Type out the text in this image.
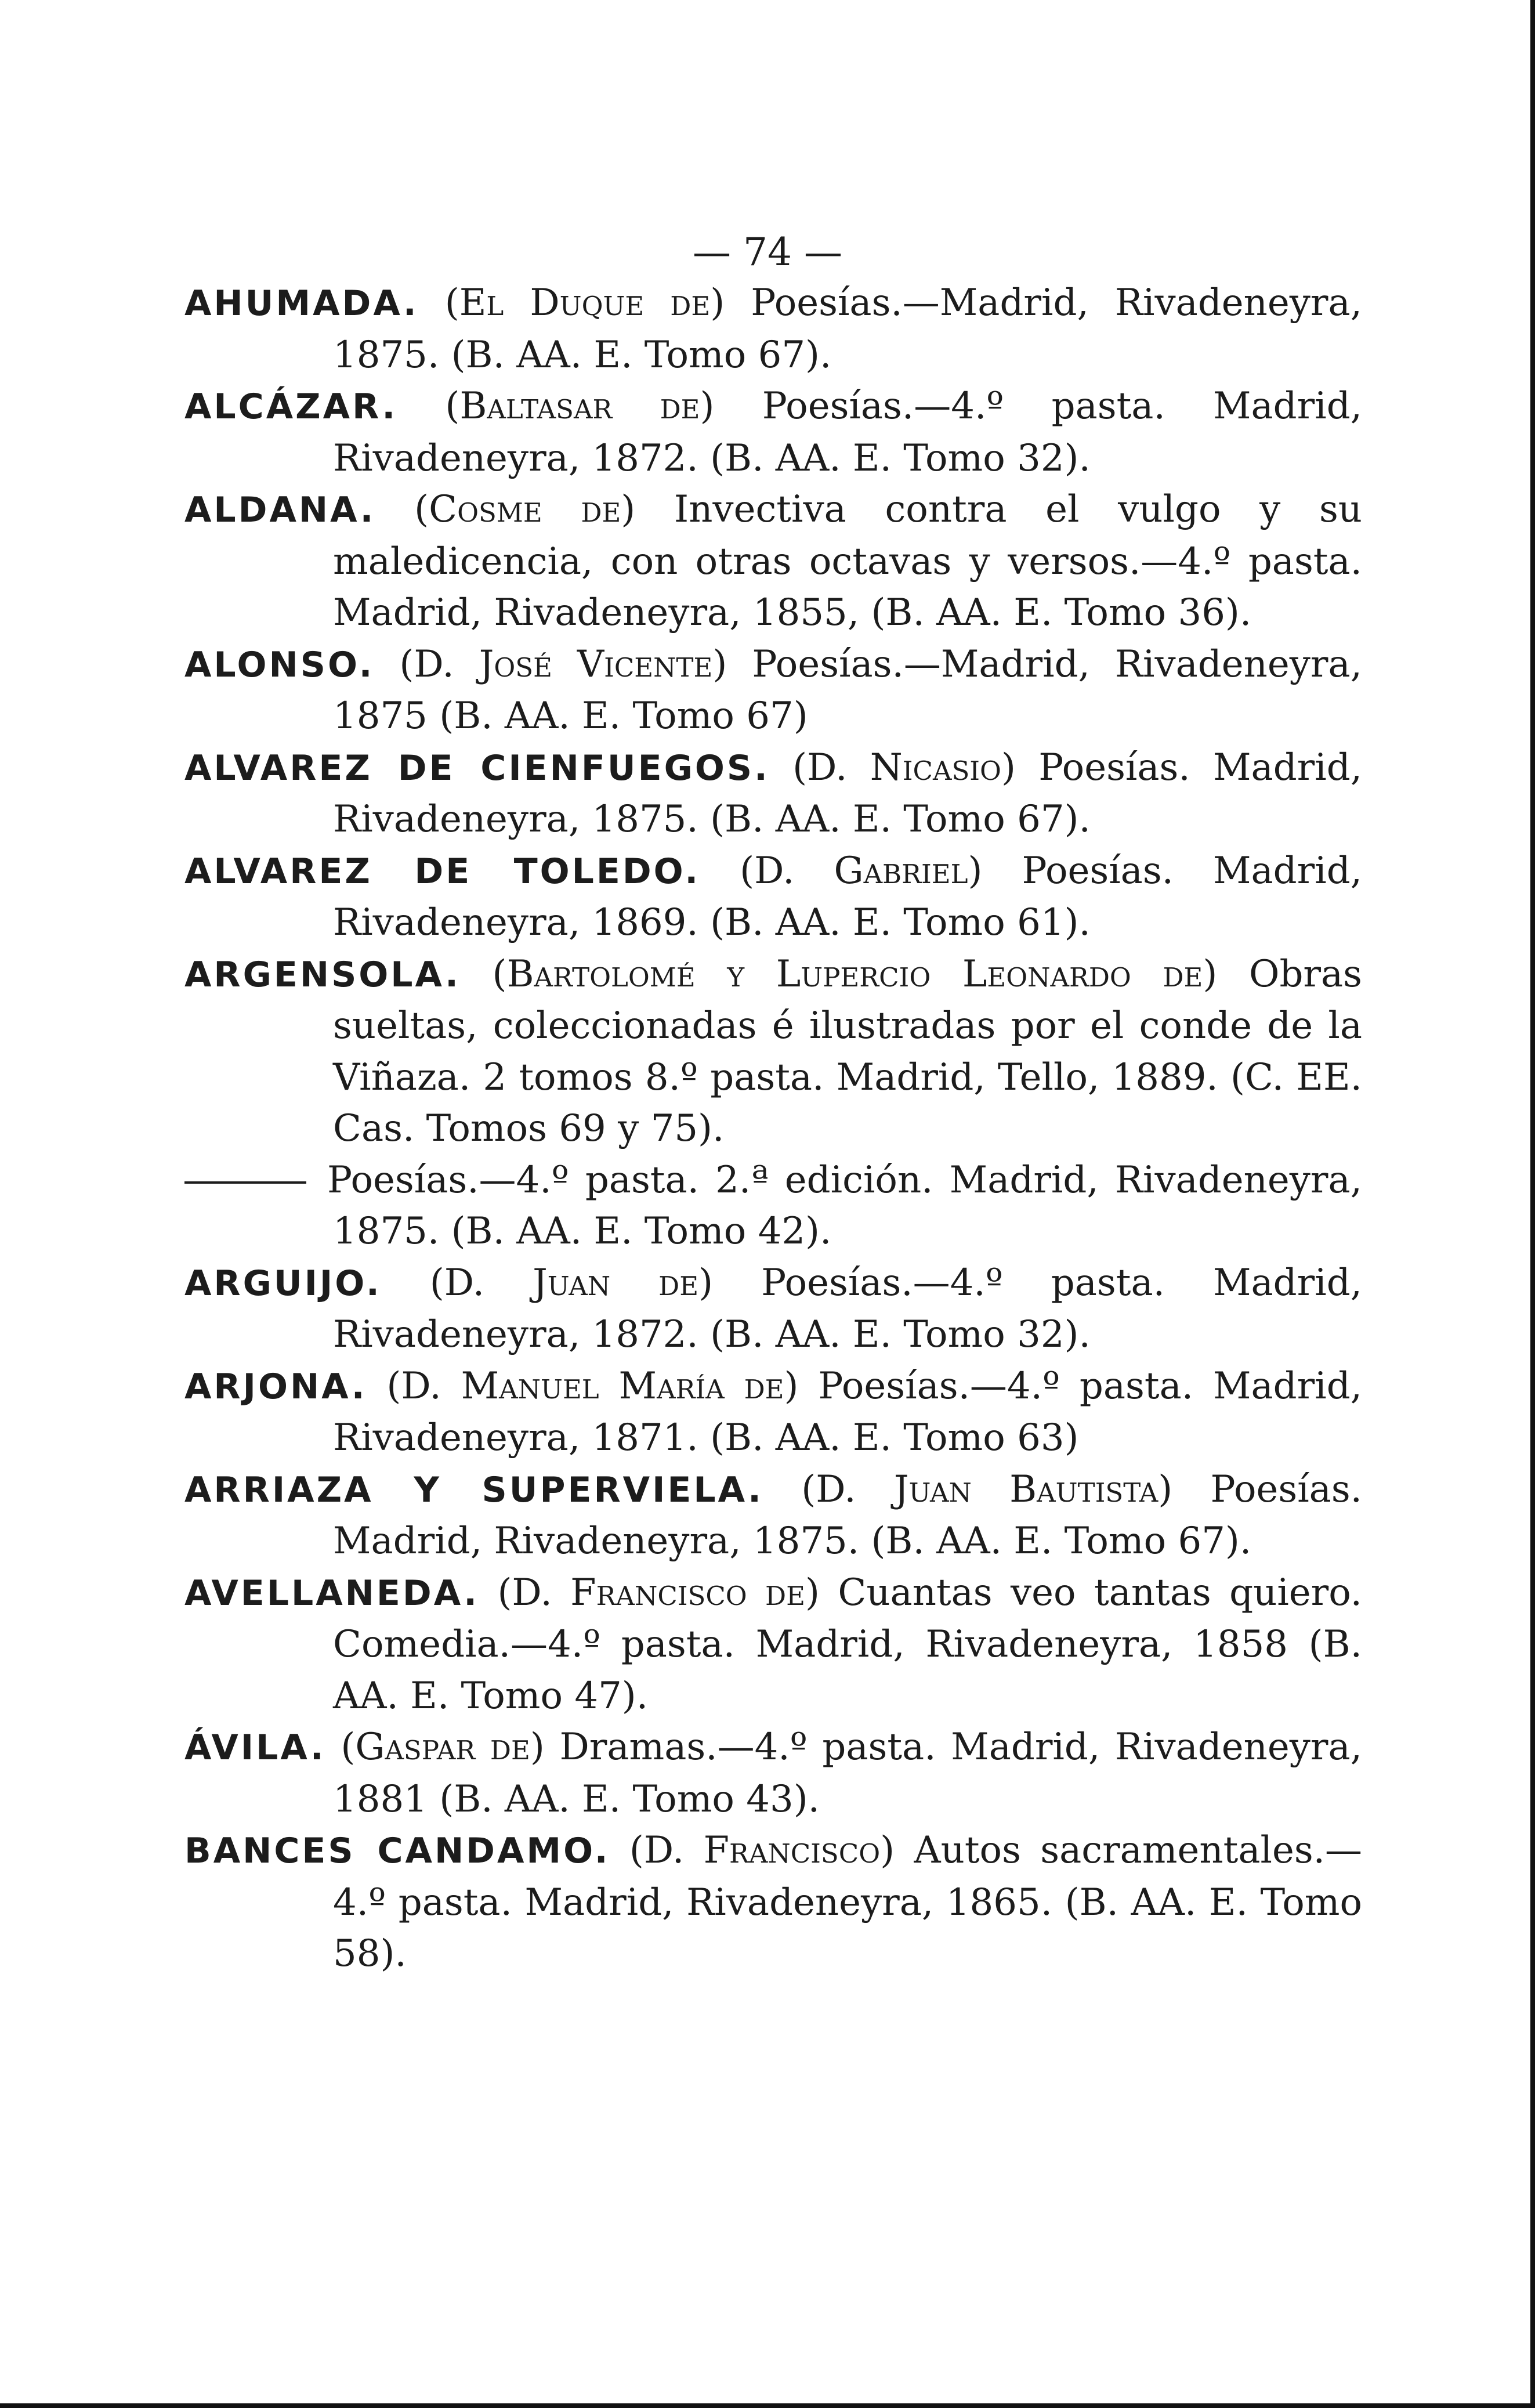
— 74 —

AHUMADA. (El Duque de) Poesías.—Madrid, Rivadeneyra, 1875. (B. AA. E. Tomo 67).

ALCÁZAR. (Baltasar de) Poesías.—4.º pasta. Madrid, Rivadeneyra, 1872. (B. AA. E. Tomo 32).

ALDANA. (Cosme de) Invectiva contra el vulgo y su maledicencia, con otras octavas y versos.—4.º pasta. Madrid, Rivadeneyra, 1855, (B. AA. E. Tomo 36).

ALONSO. (D. José Vicente) Poesías.—Madrid, Rivadeneyra, 1875 (B. AA. E. Tomo 67)

ALVAREZ DE CIENFUEGOS. (D. Nicasio) Poesías. Madrid, Rivadeneyra, 1875. (B. AA. E. Tomo 67).

ALVAREZ DE TOLEDO. (D. Gabriel) Poesías. Madrid, Rivadeneyra, 1869. (B. AA. E. Tomo 61).

ARGENSOLA. (Bartolomé y Lupercio Leonardo de) Obras sueltas, coleccionadas é ilustradas por el conde de la Viñaza. 2 tomos 8.º pasta. Madrid, Tello, 1889. (C. EE. Cas. Tomos 69 y 75).

Poesías.—4.º pasta. 2.ª edición. Madrid, Rivadeneyra, 1875. (B. AA. E. Tomo 42).

ARGUIJO. (D. Juan de) Poesías.—4.º pasta. Madrid, Rivadeneyra, 1872. (B. AA. E. Tomo 32).

ARJONA. (D. Manuel María de) Poesías.—4.º pasta. Madrid, Rivadeneyra, 1871. (B. AA. E. Tomo 63)

ARRIAZA Y SUPERVIELA. (D. Juan Bautista) Poesías. Madrid, Rivadeneyra, 1875. (B. AA. E. Tomo 67).

AVELLANEDA. (D. Francisco de) Cuantas veo tantas quiero. Comedia.—4.º pasta. Madrid, Rivadeneyra, 1858 (B. AA. E. Tomo 47).

ÁVILA. (Gaspar de) Dramas.—4.º pasta. Madrid, Rivadeneyra, 1881 (B. AA. E. Tomo 43).

BANCES CANDAMO. (D. Francisco) Autos sacramentales.—4.º pasta. Madrid, Rivadeneyra, 1865. (B. AA. E. Tomo 58).
